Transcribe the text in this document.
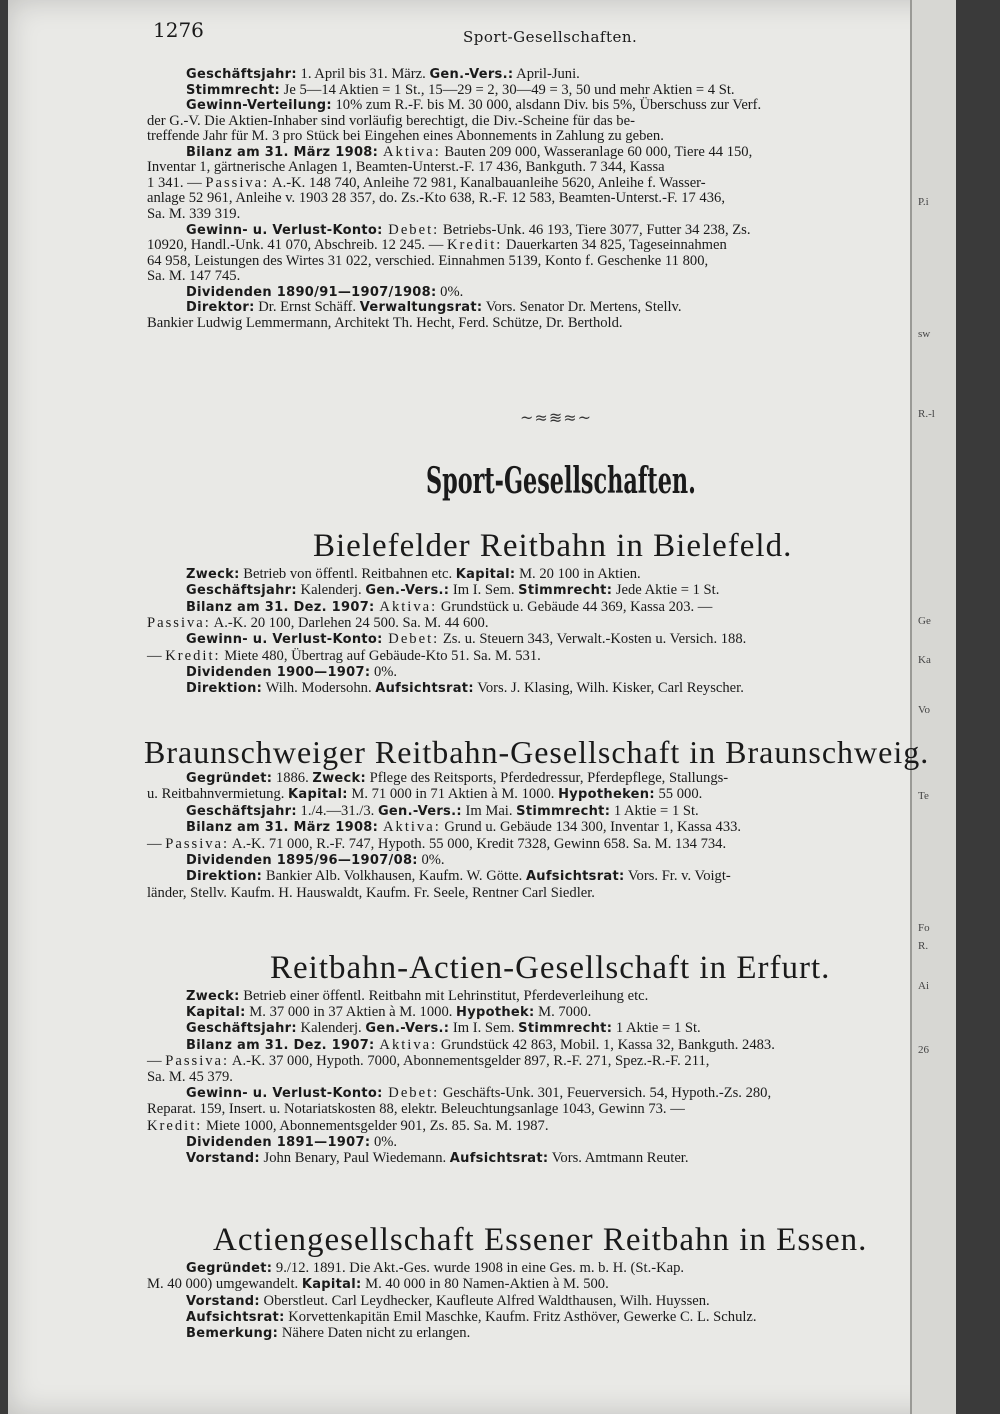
P.i
sw
R.-l
Ge
Ka
Vo
Te
Fo
R.
Ai
26
1276	Sport-Gesellschaften.
Geschäftsjahr: 1. April bis 31. März. Gen.-Vers.: April-Juni.
Stimmrecht: Je 5—14 Aktien = 1 St., 15—29 = 2, 30—49 = 3, 50 und mehr Aktien = 4 St.
Gewinn-Verteilung: 10% zum R.-F. bis M. 30 000, alsdann Div. bis 5%, Überschuss zur Verf.
der G.-V. Die Aktien-Inhaber sind vorläufig berechtigt, die Div.-Scheine für das be-
treffende Jahr für M. 3 pro Stück bei Eingehen eines Abonnements in Zahlung zu geben.
Bilanz am 31. März 1908: Aktiva: Bauten 209 000, Wasseranlage 60 000, Tiere 44 150,
Inventar 1, gärtnerische Anlagen 1, Beamten-Unterst.-F. 17 436, Bankguth. 7 344, Kassa
1 341. — Passiva: A.-K. 148 740, Anleihe 72 981, Kanalbauanleihe 5620, Anleihe f. Wasser-
anlage 52 961, Anleihe v. 1903 28 357, do. Zs.-Kto 638, R.-F. 12 583, Beamten-Unterst.-F. 17 436,
Sa. M. 339 319.
Gewinn- u. Verlust-Konto: Debet: Betriebs-Unk. 46 193, Tiere 3077, Futter 34 238, Zs.
10920, Handl.-Unk. 41 070, Abschreib. 12 245. — Kredit: Dauerkarten 34 825, Tageseinnahmen
64 958, Leistungen des Wirtes 31 022, verschied. Einnahmen 5139, Konto f. Geschenke 11 800,
Sa. M. 147 745.
Dividenden 1890/91—1907/1908: 0%.
Direktor: Dr. Ernst Schäff. Verwaltungsrat: Vors. Senator Dr. Mertens, Stellv.
Bankier Ludwig Lemmermann, Architekt Th. Hecht, Ferd. Schütze, Dr. Berthold.
~≈≋≈~
Sport-Gesellschaften.
Bielefelder Reitbahn in Bielefeld.
Zweck: Betrieb von öffentl. Reitbahnen etc. Kapital: M. 20 100 in Aktien.
Geschäftsjahr: Kalenderj. Gen.-Vers.: Im I. Sem. Stimmrecht: Jede Aktie = 1 St.
Bilanz am 31. Dez. 1907: Aktiva: Grundstück u. Gebäude 44 369, Kassa 203. —
Passiva: A.-K. 20 100, Darlehen 24 500. Sa. M. 44 600.
Gewinn- u. Verlust-Konto: Debet: Zs. u. Steuern 343, Verwalt.-Kosten u. Versich. 188.
— Kredit: Miete 480, Übertrag auf Gebäude-Kto 51. Sa. M. 531.
Dividenden 1900—1907: 0%.
Direktion: Wilh. Modersohn. Aufsichtsrat: Vors. J. Klasing, Wilh. Kisker, Carl Reyscher.
Braunschweiger Reitbahn-Gesellschaft in Braunschweig.
Gegründet: 1886. Zweck: Pflege des Reitsports, Pferdedressur, Pferdepflege, Stallungs-
u. Reitbahnvermietung. Kapital: M. 71 000 in 71 Aktien à M. 1000. Hypotheken: 55 000.
Geschäftsjahr: 1./4.—31./3. Gen.-Vers.: Im Mai. Stimmrecht: 1 Aktie = 1 St.
Bilanz am 31. März 1908: Aktiva: Grund u. Gebäude 134 300, Inventar 1, Kassa 433.
— Passiva: A.-K. 71 000, R.-F. 747, Hypoth. 55 000, Kredit 7328, Gewinn 658. Sa. M. 134 734.
Dividenden 1895/96—1907/08: 0%.
Direktion: Bankier Alb. Volkhausen, Kaufm. W. Götte. Aufsichtsrat: Vors. Fr. v. Voigt-
länder, Stellv. Kaufm. H. Hauswaldt, Kaufm. Fr. Seele, Rentner Carl Siedler.
Reitbahn-Actien-Gesellschaft in Erfurt.
Zweck: Betrieb einer öffentl. Reitbahn mit Lehrinstitut, Pferdeverleihung etc.
Kapital: M. 37 000 in 37 Aktien à M. 1000. Hypothek: M. 7000.
Geschäftsjahr: Kalenderj. Gen.-Vers.: Im I. Sem. Stimmrecht: 1 Aktie = 1 St.
Bilanz am 31. Dez. 1907: Aktiva: Grundstück 42 863, Mobil. 1, Kassa 32, Bankguth. 2483.
— Passiva: A.-K. 37 000, Hypoth. 7000, Abonnementsgelder 897, R.-F. 271, Spez.-R.-F. 211,
Sa. M. 45 379.
Gewinn- u. Verlust-Konto: Debet: Geschäfts-Unk. 301, Feuerversich. 54, Hypoth.-Zs. 280,
Reparat. 159, Insert. u. Notariatskosten 88, elektr. Beleuchtungsanlage 1043, Gewinn 73. —
Kredit: Miete 1000, Abonnementsgelder 901, Zs. 85. Sa. M. 1987.
Dividenden 1891—1907: 0%.
Vorstand: John Benary, Paul Wiedemann. Aufsichtsrat: Vors. Amtmann Reuter.
Actiengesellschaft Essener Reitbahn in Essen.
Gegründet: 9./12. 1891. Die Akt.-Ges. wurde 1908 in eine Ges. m. b. H. (St.-Kap.
M. 40 000) umgewandelt. Kapital: M. 40 000 in 80 Namen-Aktien à M. 500.
Vorstand: Oberstleut. Carl Leydhecker, Kaufleute Alfred Waldthausen, Wilh. Huyssen.
Aufsichtsrat: Korvettenkapitän Emil Maschke, Kaufm. Fritz Asthöver, Gewerke C. L. Schulz.
Bemerkung: Nähere Daten nicht zu erlangen.
